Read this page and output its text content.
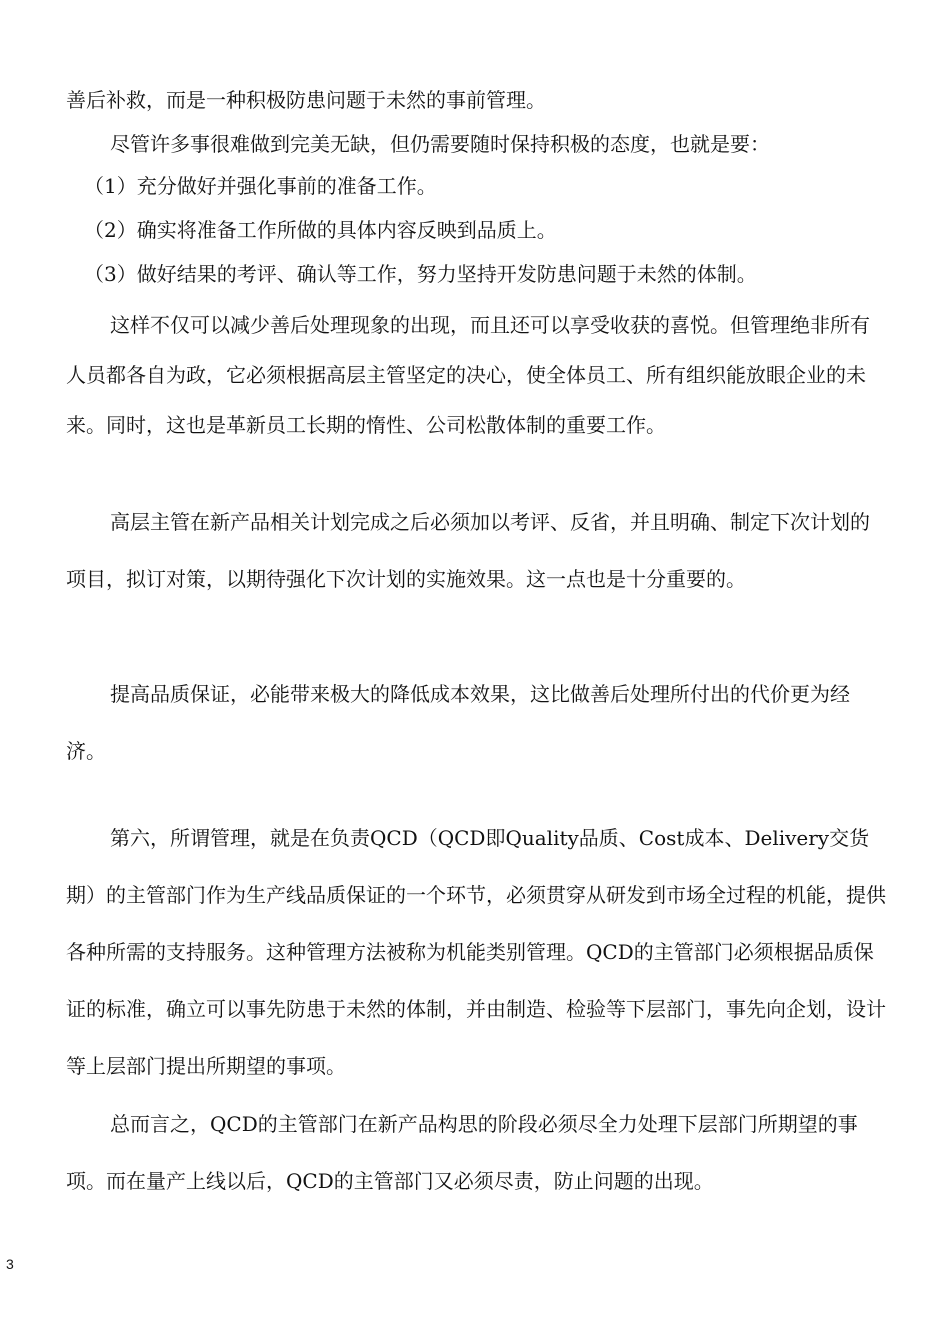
善后补救，而是一种积极防患问题于未然的事前管理。

尽管许多事很难做到完美无缺，但仍需要随时保持积极的态度，也就是要：

（1）充分做好并强化事前的准备工作。

（2）确实将准备工作所做的具体内容反映到品质上。

（3）做好结果的考评、确认等工作，努力坚持开发防患问题于未然的体制。

这样不仅可以减少善后处理现象的出现，而且还可以享受收获的喜悦。但管理绝非所有人员都各自为政，它必须根据高层主管坚定的决心，使全体员工、所有组织能放眼企业的未来。同时，这也是革新员工长期的惰性、公司松散体制的重要工作。

高层主管在新产品相关计划完成之后必须加以考评、反省，并且明确、制定下次计划的项目，拟订对策，以期待强化下次计划的实施效果。这一点也是十分重要的。

提高品质保证，必能带来极大的降低成本效果，这比做善后处理所付出的代价更为经济。

第六，所谓管理，就是在负责QCD（QCD即Quality品质、Cost成本、Delivery交货期）的主管部门作为生产线品质保证的一个环节，必须贯穿从研发到市场全过程的机能，提供各种所需的支持服务。这种管理方法被称为机能类别管理。QCD的主管部门必须根据品质保证的标准，确立可以事先防患于未然的体制，并由制造、检验等下层部门，事先向企划，设计等上层部门提出所期望的事项。

总而言之，QCD的主管部门在新产品构思的阶段必须尽全力处理下层部门所期望的事项。而在量产上线以后，QCD的主管部门又必须尽责，防止问题的出现。

3
